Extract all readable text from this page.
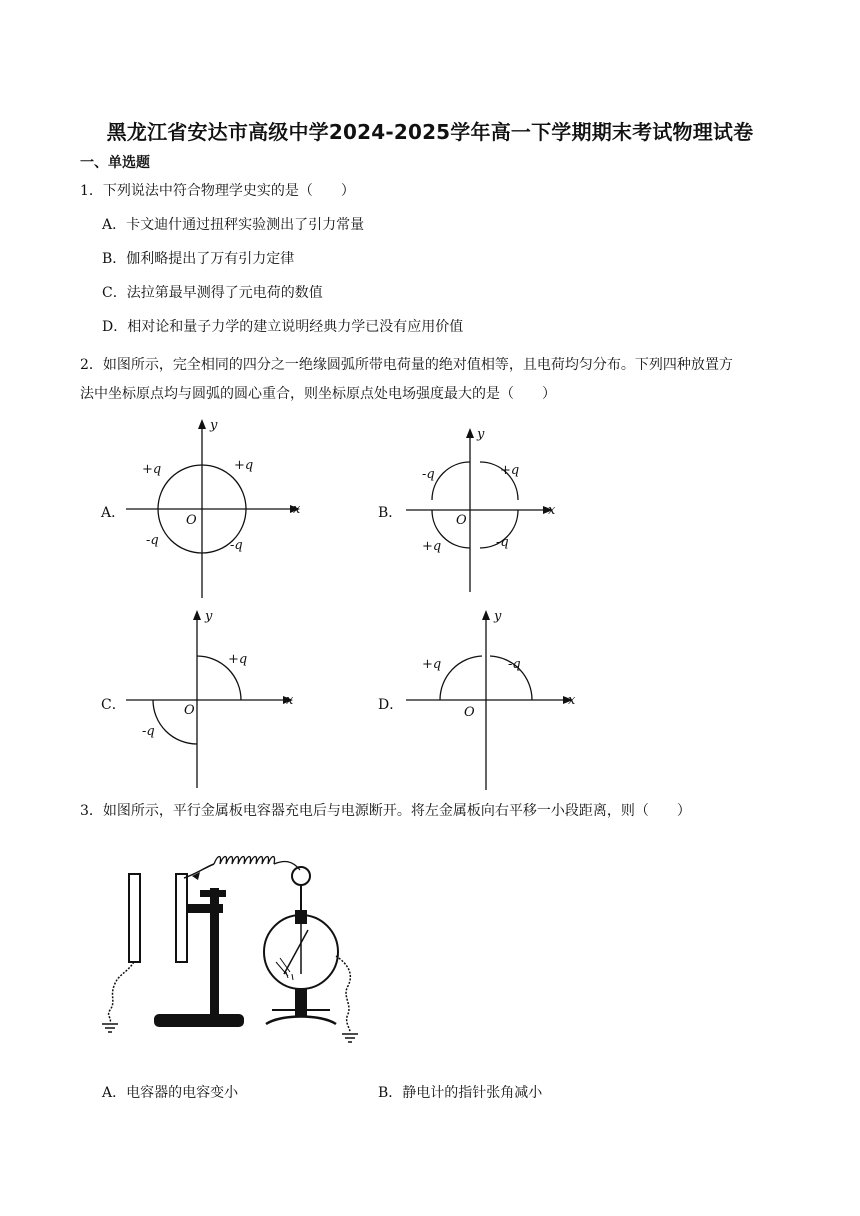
黑龙江省安达市高级中学2024-2025学年高一下学期期末考试物理试卷
一、单选题
1．下列说法中符合物理学史实的是（　　）
A．卡文迪什通过扭秤实验测出了引力常量
B．伽利略提出了万有引力定律
C．法拉第最早测得了元电荷的数值
D．相对论和量子力学的建立说明经典力学已没有应用价值
2．如图所示，完全相同的四分之一绝缘圆弧所带电荷量的绝对值相等，且电荷均匀分布。下列四种放置方
法中坐标原点均与圆弧的圆心重合，则坐标原点处电场强度最大的是（　　）
A．
y
x
O
+q	+q
-q	-q
B．
y
x
O
-q	+q
+q	-q
C．
y
x
O
+q
-q
D．
y
x
O
+q	-q
3．如图所示，平行金属板电容器充电后与电源断开。将左金属板向右平移一小段距离，则（　　）
A．电容器的电容变小	B．静电计的指针张角减小
